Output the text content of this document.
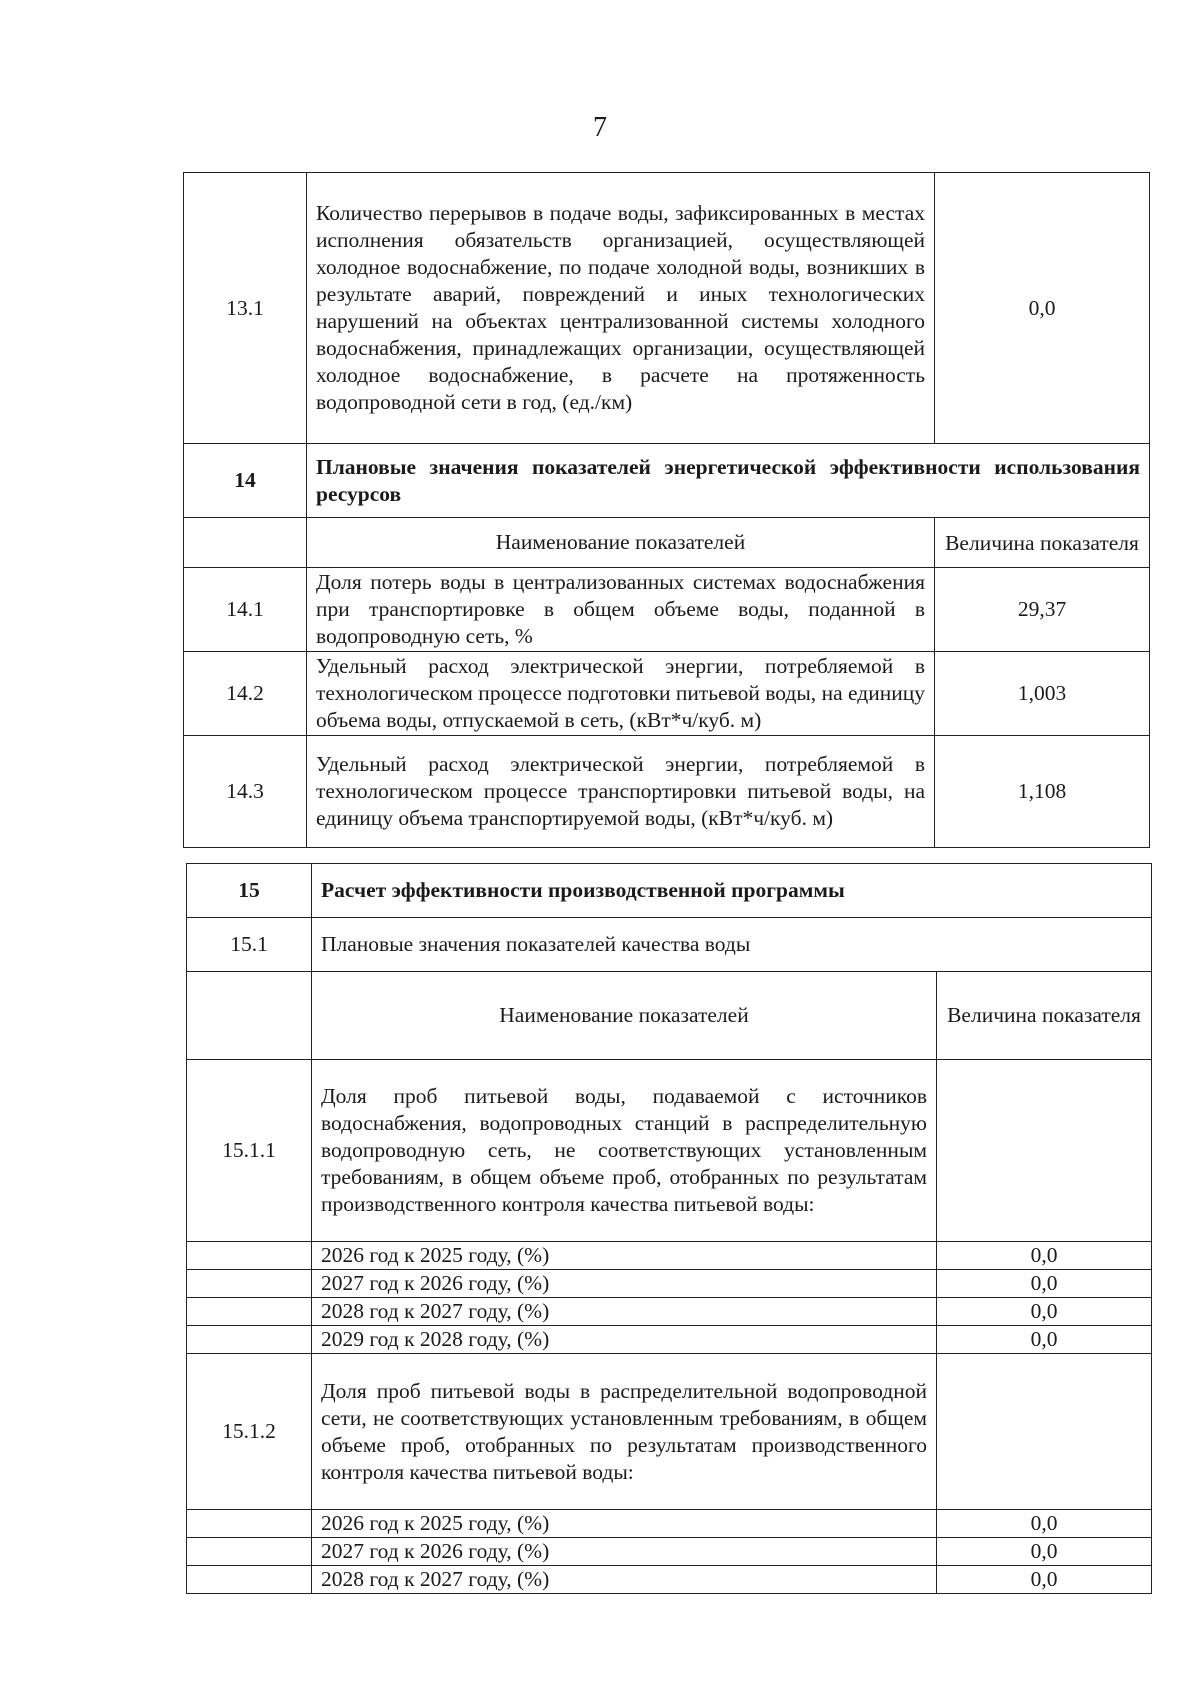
7
13.1	Количество перерывов в подаче воды, зафиксированных в местах исполнения обязательств организацией, осуществляющей холодное водоснабжение, по подаче холодной воды, возникших в результате аварий, повреждений и иных технологических нарушений на объектах централизованной системы холодного водоснабжения, принадлежащих организации, осуществляющей холодное водоснабжение, в расчете на протяженность водопроводной сети в год, (ед./км)	0,0
14	Плановые значения показателей энергетической эффективности использования ресурсов	
	Наименование показателей	Величина показателя
14.1	Доля потерь воды в централизованных системах водоснабжения при транспортировке в общем объеме воды, поданной в водопроводную сеть, %	29,37
14.2	Удельный расход электрической энергии, потребляемой в технологическом процессе подготовки питьевой воды, на единицу объема воды, отпускаемой в сеть, (кВт*ч/куб. м)	1,003
14.3	Удельный расход электрической энергии, потребляемой в технологическом процессе транспортировки питьевой воды, на единицу объема транспортируемой воды, (кВт*ч/куб. м)	1,108
15	Расчет эффективности производственной программы	
15.1	Плановые значения показателей качества воды	
	Наименование показателей	Величина показателя
15.1.1	Доля проб питьевой воды, подаваемой с источников водоснабжения, водопроводных станций в распределительную водопроводную сеть, не соответствующих установленным требованиям, в общем объеме проб, отобранных по результатам производственного контроля качества питьевой воды:	
	2026 год к 2025 году, (%)	0,0
	2027 год к 2026 году, (%)	0,0
	2028 год к 2027 году, (%)	0,0
	2029 год к 2028 году, (%)	0,0
15.1.2	Доля проб питьевой воды в распределительной водопроводной сети, не соответствующих установленным требованиям, в общем объеме проб, отобранных по результатам производственного контроля качества питьевой воды:	
	2026 год к 2025 году, (%)	0,0
	2027 год к 2026 году, (%)	0,0
	2028 год к 2027 году, (%)	0,0
